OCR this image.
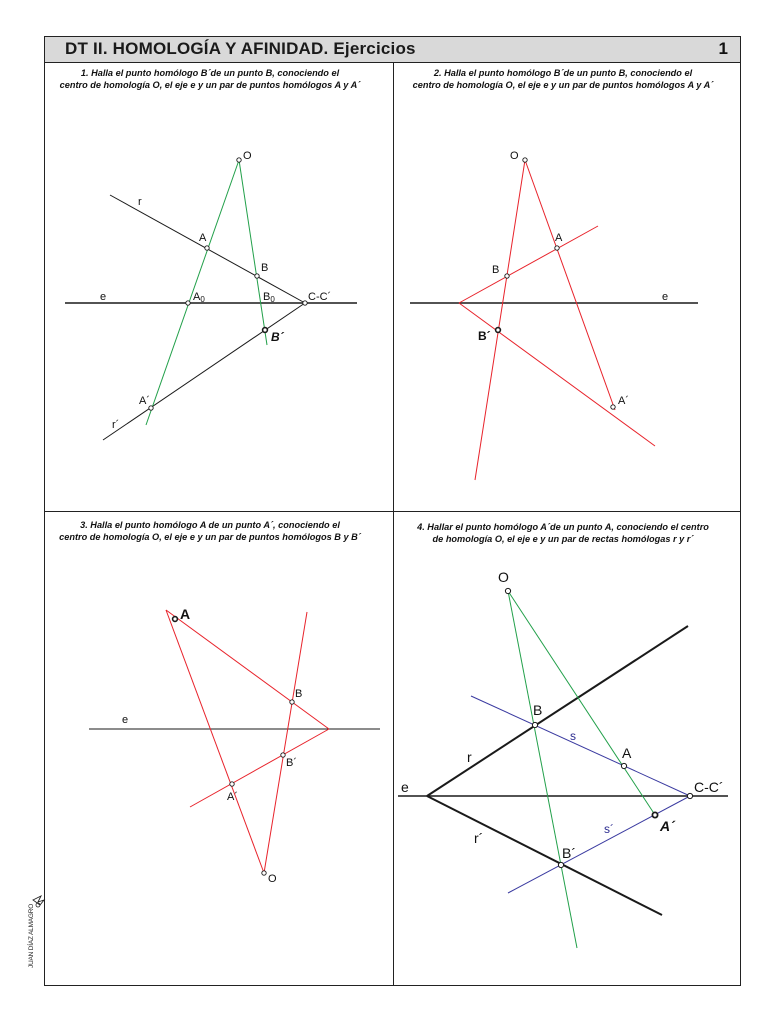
DT II. HOMOLOGÍA Y AFINIDAD. Ejercicios	1
1. Halla el punto homólogo B´de un punto B, conociendo el
centro de homología O, el eje e y un par de puntos homólogos A y A´
2. Halla el punto homólogo B´de un punto B, conociendo el
centro de homología O, el eje e y un par de puntos homólogos A y A´
3. Halla el punto homólogo A de un punto A´, conociendo el
centro de homología O, el eje e y un par de puntos homólogos B y B´
4. Hallar el punto homólogo A´de un punto A, conociendo el centro
de homología O, el eje e y un par de rectas homólogas r y r´
O
r
A
B
e	A0	B0	C-C´
B´
A´
r´
O
A
B
e
B´
A´
A
B
e
B´
A´
O
O
B
s
r	A
e	C-C´
s´	A´
r´
B´
JUAN DÍAZ ALMAGRO
